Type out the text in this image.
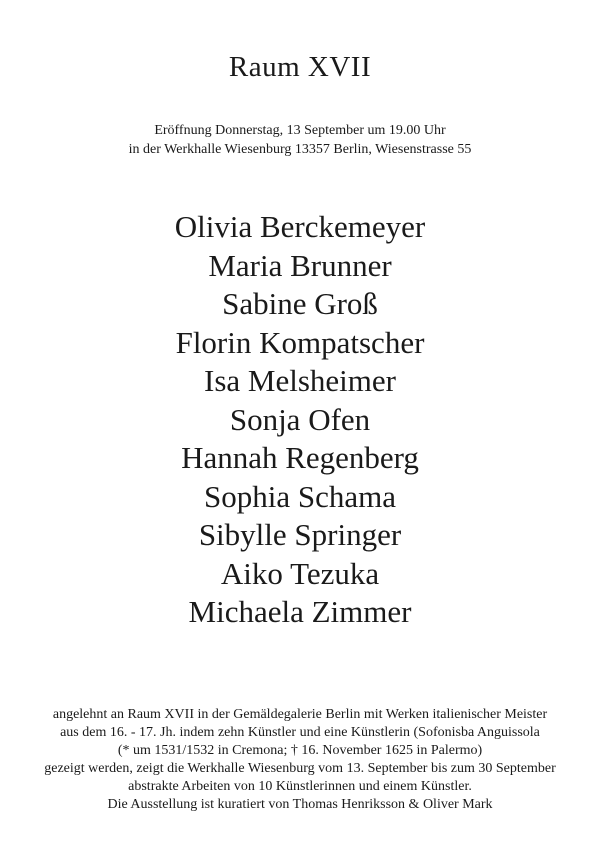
Raum XVII
Eröffnung Donnerstag, 13 September um 19.00 Uhr
in der Werkhalle Wiesenburg 13357 Berlin, Wiesenstrasse 55
Olivia Berckemeyer
Maria Brunner
Sabine Groß
Florin Kompatscher
Isa Melsheimer
Sonja Ofen
Hannah Regenberg
Sophia Schama
Sibylle Springer
Aiko Tezuka
Michaela Zimmer
angelehnt an Raum XVII in der Gemäldegalerie Berlin mit Werken italienischer Meister
aus dem 16. - 17. Jh. indem zehn Künstler und eine Künstlerin (Sofonisba Anguissola
(* um 1531/1532 in Cremona; † 16. November 1625 in Palermo)
gezeigt werden, zeigt die Werkhalle Wiesenburg vom 13. September bis zum 30 September
abstrakte Arbeiten von 10 Künstlerinnen und einem Künstler.
Die Ausstellung ist kuratiert von Thomas Henriksson & Oliver Mark
